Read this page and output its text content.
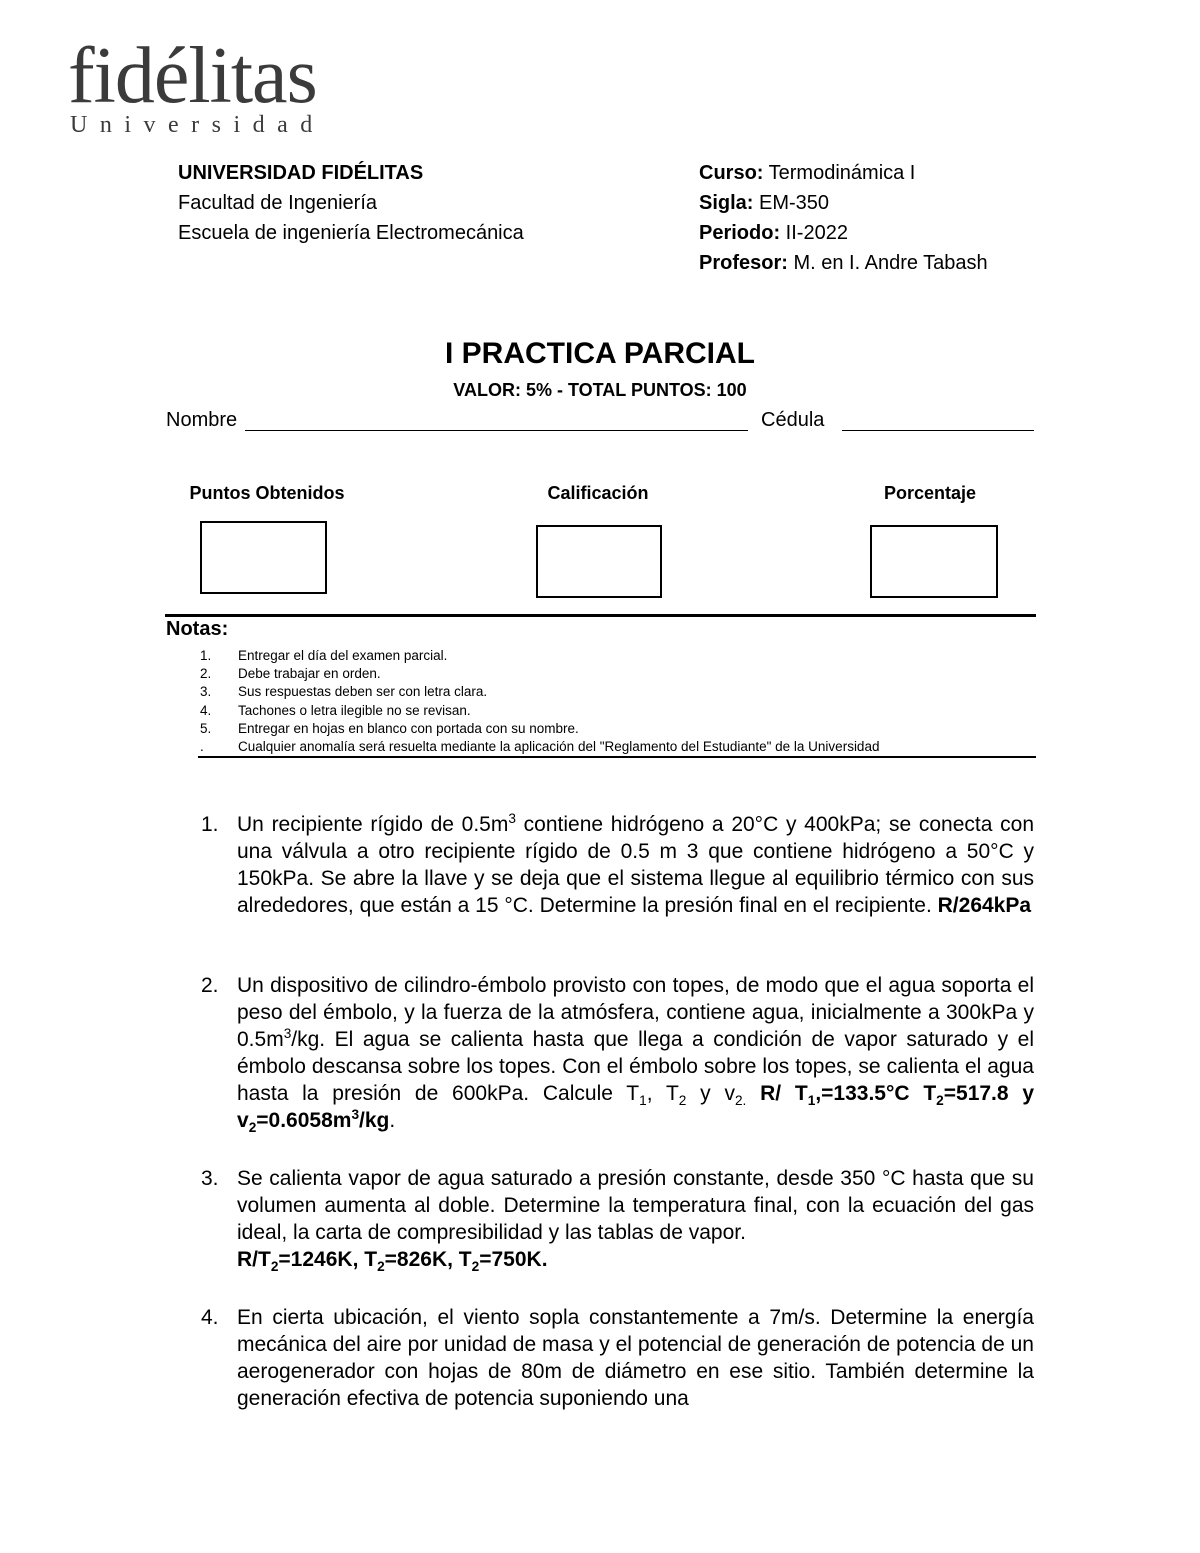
fidélitas
Universidad
UNIVERSIDAD FIDÉLITAS
Facultad de Ingeniería
Escuela de ingeniería Electromecánica
Curso: Termodinámica I
Sigla: EM-350
Periodo: II-2022
Profesor: M. en I. Andre Tabash
I PRACTICA PARCIAL
VALOR: 5% - TOTAL PUNTOS: 100
Nombre	Cédula
Puntos Obtenidos	Calificación	Porcentaje
Notas:
1. Entregar el día del examen parcial.
2. Debe trabajar en orden.
3. Sus respuestas deben ser con letra clara.
4. Tachones o letra ilegible no se revisan.
5. Entregar en hojas en blanco con portada con su nombre.
.	Cualquier anomalía será resuelta mediante la aplicación del "Reglamento del Estudiante" de la Universidad
1. Un recipiente rígido de $0.5m^3$ contiene hidrógeno a 20°C y 400kPa; se conecta con una válvula a otro recipiente rígido de 0.5 m 3 que contiene hidrógeno a 50°C y 150kPa. Se abre la llave y se deja que el sistema llegue al equilibrio térmico con sus alrededores, que están a 15 °C. Determine la presión final en el recipiente. R/264kPa
2. Un dispositivo de cilindro-émbolo provisto con topes, de modo que el agua soporta el peso del émbolo, y la fuerza de la atmósfera, contiene agua, inicialmente a 300kPa y $0.5m^3/kg$. El agua se calienta hasta que llega a condición de vapor saturado y el émbolo descansa sobre los topes. Con el émbolo sobre los topes, se calienta el agua hasta la presión de 600kPa. Calcule $T_1$, $T_2$ y $v_{2.}$ R/ $T_1,=133.5^\circ C$ $T_2=517.8$ y $v_2=0.6058m^3/kg$.
3. Se calienta vapor de agua saturado a presión constante, desde 350 °C hasta que su volumen aumenta al doble. Determine la temperatura final, con la ecuación del gas ideal, la carta de compresibilidad y las tablas de vapor.
$R/T_2=1246K$, $T_2=826K$, $T_2=750K$.
4. En cierta ubicación, el viento sopla constantemente a 7m/s. Determine la energía mecánica del aire por unidad de masa y el potencial de generación de potencia de un aerogenerador con hojas de 80m de diámetro en ese sitio. También determine la generación efectiva de potencia suponiendo una
